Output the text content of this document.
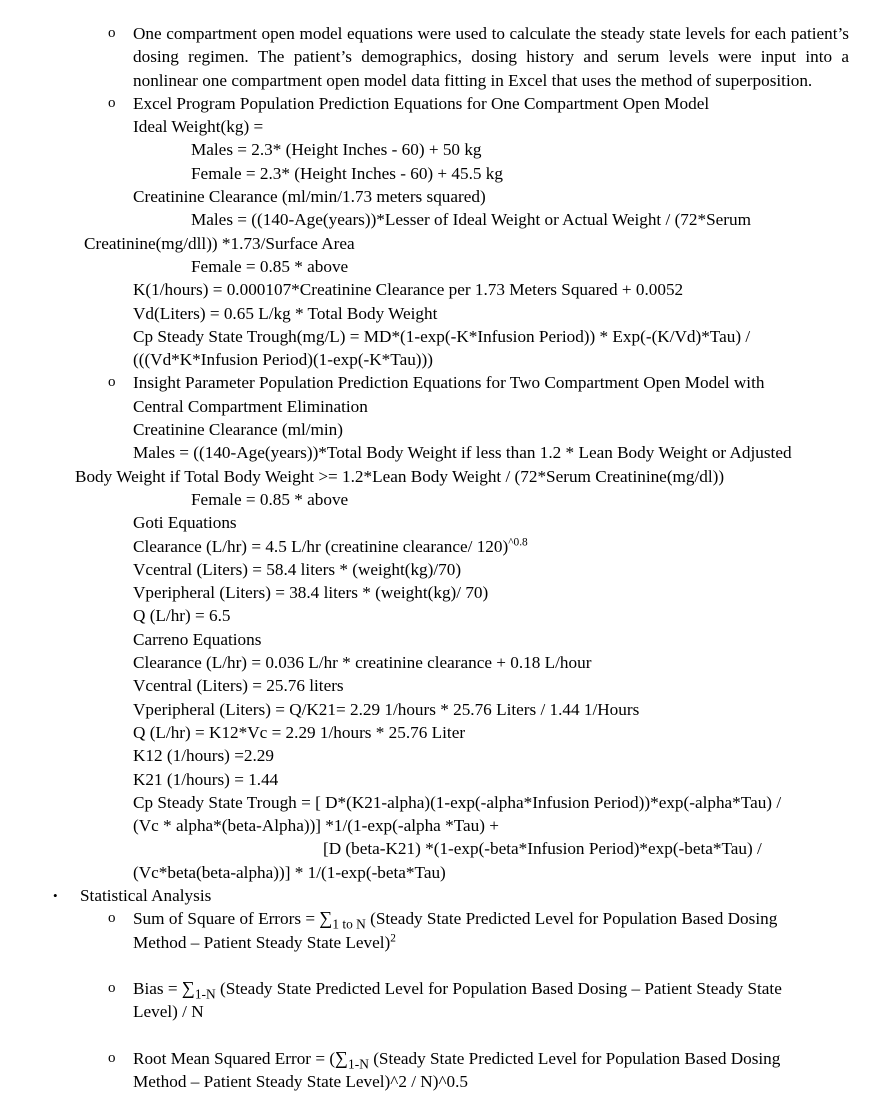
o	One compartment open model equations were used to calculate the steady state levels for each patient’s dosing regimen. The patient’s demographics, dosing history and serum levels were input into a nonlinear one compartment open model data fitting in Excel that uses the method of superposition.
o	Excel Program Population Prediction Equations for One Compartment Open Model
Ideal Weight(kg) =
Males = 2.3* (Height Inches - 60) + 50 kg
Female = 2.3* (Height Inches - 60) + 45.5 kg
Creatinine Clearance (ml/min/1.73 meters squared)
Males = ((140-Age(years))*Lesser of Ideal Weight or Actual Weight / (72*Serum
Creatinine(mg/dll)) *1.73/Surface Area
Female = 0.85 * above
K(1/hours) = 0.000107*Creatinine Clearance per 1.73 Meters Squared + 0.0052
Vd(Liters) = 0.65 L/kg * Total Body Weight
Cp Steady State Trough(mg/L) = MD*(1-exp(-K*Infusion Period)) * Exp(-(K/Vd)*Tau) /
(((Vd*K*Infusion Period)(1-exp(-K*Tau)))
o	Insight Parameter Population Prediction Equations for Two Compartment Open Model with
Central Compartment Elimination
Creatinine Clearance (ml/min)
Males = ((140-Age(years))*Total Body Weight if less than 1.2 * Lean Body Weight or Adjusted
Body Weight if Total Body Weight >= 1.2*Lean Body Weight / (72*Serum Creatinine(mg/dl))
Female = 0.85 * above
Goti Equations
Clearance (L/hr) = 4.5 L/hr (creatinine clearance/ 120)$^{\^{}0.8}$
Vcentral (Liters) = 58.4 liters * (weight(kg)/70)
Vperipheral (Liters) = 38.4 liters * (weight(kg)/ 70)
Q (L/hr) = 6.5
Carreno Equations
Clearance (L/hr) = 0.036 L/hr * creatinine clearance + 0.18 L/hour
Vcentral (Liters) = 25.76 liters
Vperipheral (Liters) = Q/K21= 2.29 1/hours * 25.76 Liters / 1.44 1/Hours
Q (L/hr) = K12*Vc = 2.29 1/hours * 25.76 Liter
K12 (1/hours) =2.29
K21 (1/hours) = 1.44
Cp Steady State Trough = [ D*(K21-alpha)(1-exp(-alpha*Infusion Period))*exp(-alpha*Tau) /
(Vc * alpha*(beta-Alpha))] *1/(1-exp(-alpha *Tau) +
[D (beta-K21) *(1-exp(-beta*Infusion Period)*exp(-beta*Tau) /
(Vc*beta(beta-alpha))] * 1/(1-exp(-beta*Tau)
•	Statistical Analysis
o	Sum of Square of Errors = $\sum_{1 to N}$ (Steady State Predicted Level for Population Based Dosing
Method – Patient Steady State Level)$^2$
o	Bias = $\sum_{1-N}$ (Steady State Predicted Level for Population Based Dosing – Patient Steady State
Level) / N
o	Root Mean Squared Error = ($\sum_{1-N}$ (Steady State Predicted Level for Population Based Dosing
Method – Patient Steady State Level)^2 / N)^0.5
